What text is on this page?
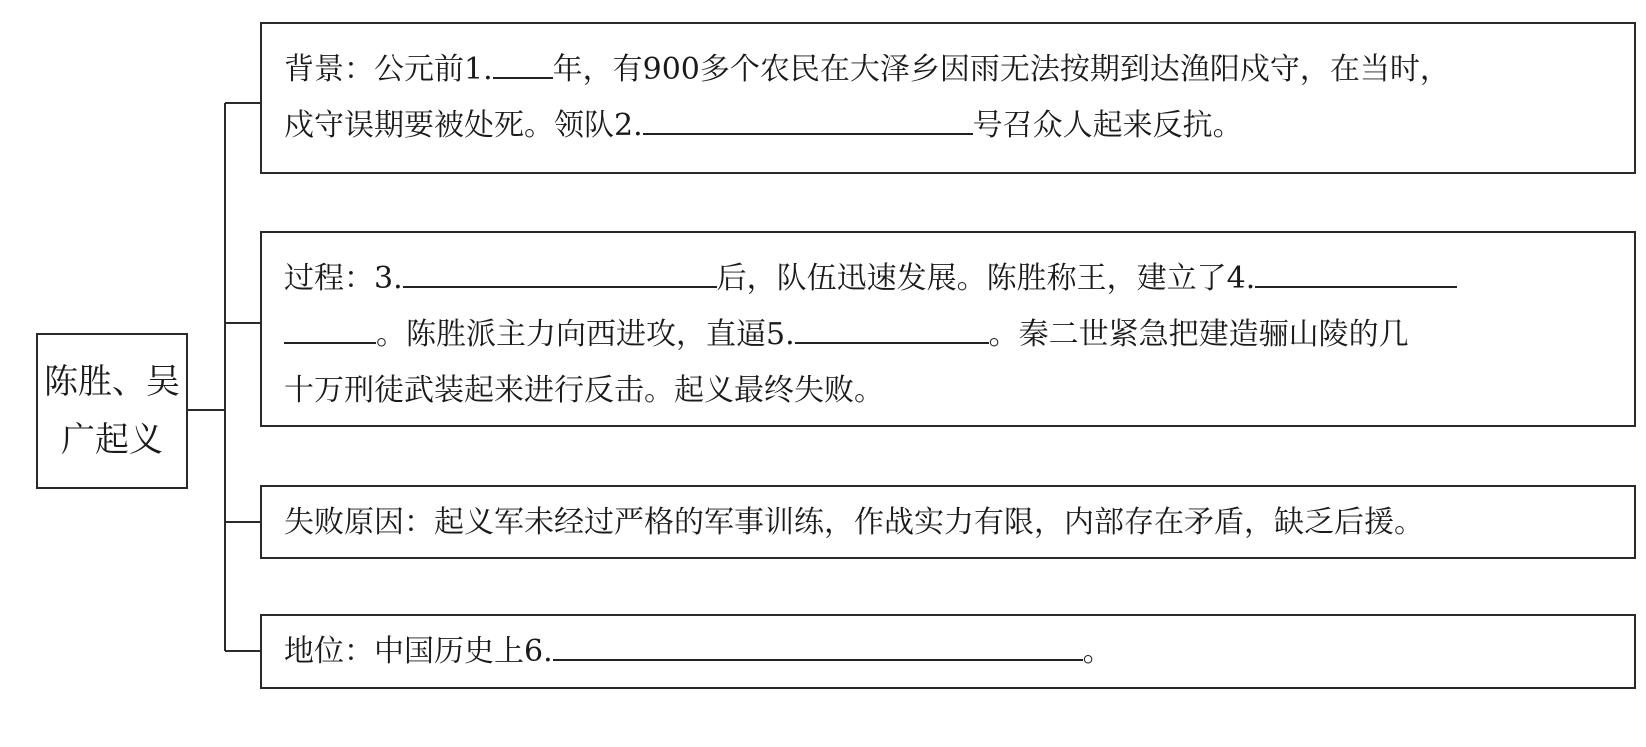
陈胜、吴
广起义

背景：公元前1. 年，有900多个农民在大泽乡因雨无法按期到达渔阳戍守，在当时，

戍守误期要被处死。领队2.	号召众人起来反抗。

过程：3.	后，队伍迅速发展。陈胜称王，建立了4.

。陈胜派主力向西进攻，直逼5.	。秦二世紧急把建造骊山陵的几

十万刑徒武装起来进行反击。起义最终失败。

失败原因：起义军未经过严格的军事训练，作战实力有限，内部存在矛盾，缺乏后援。

地位：中国历史上6.	。
